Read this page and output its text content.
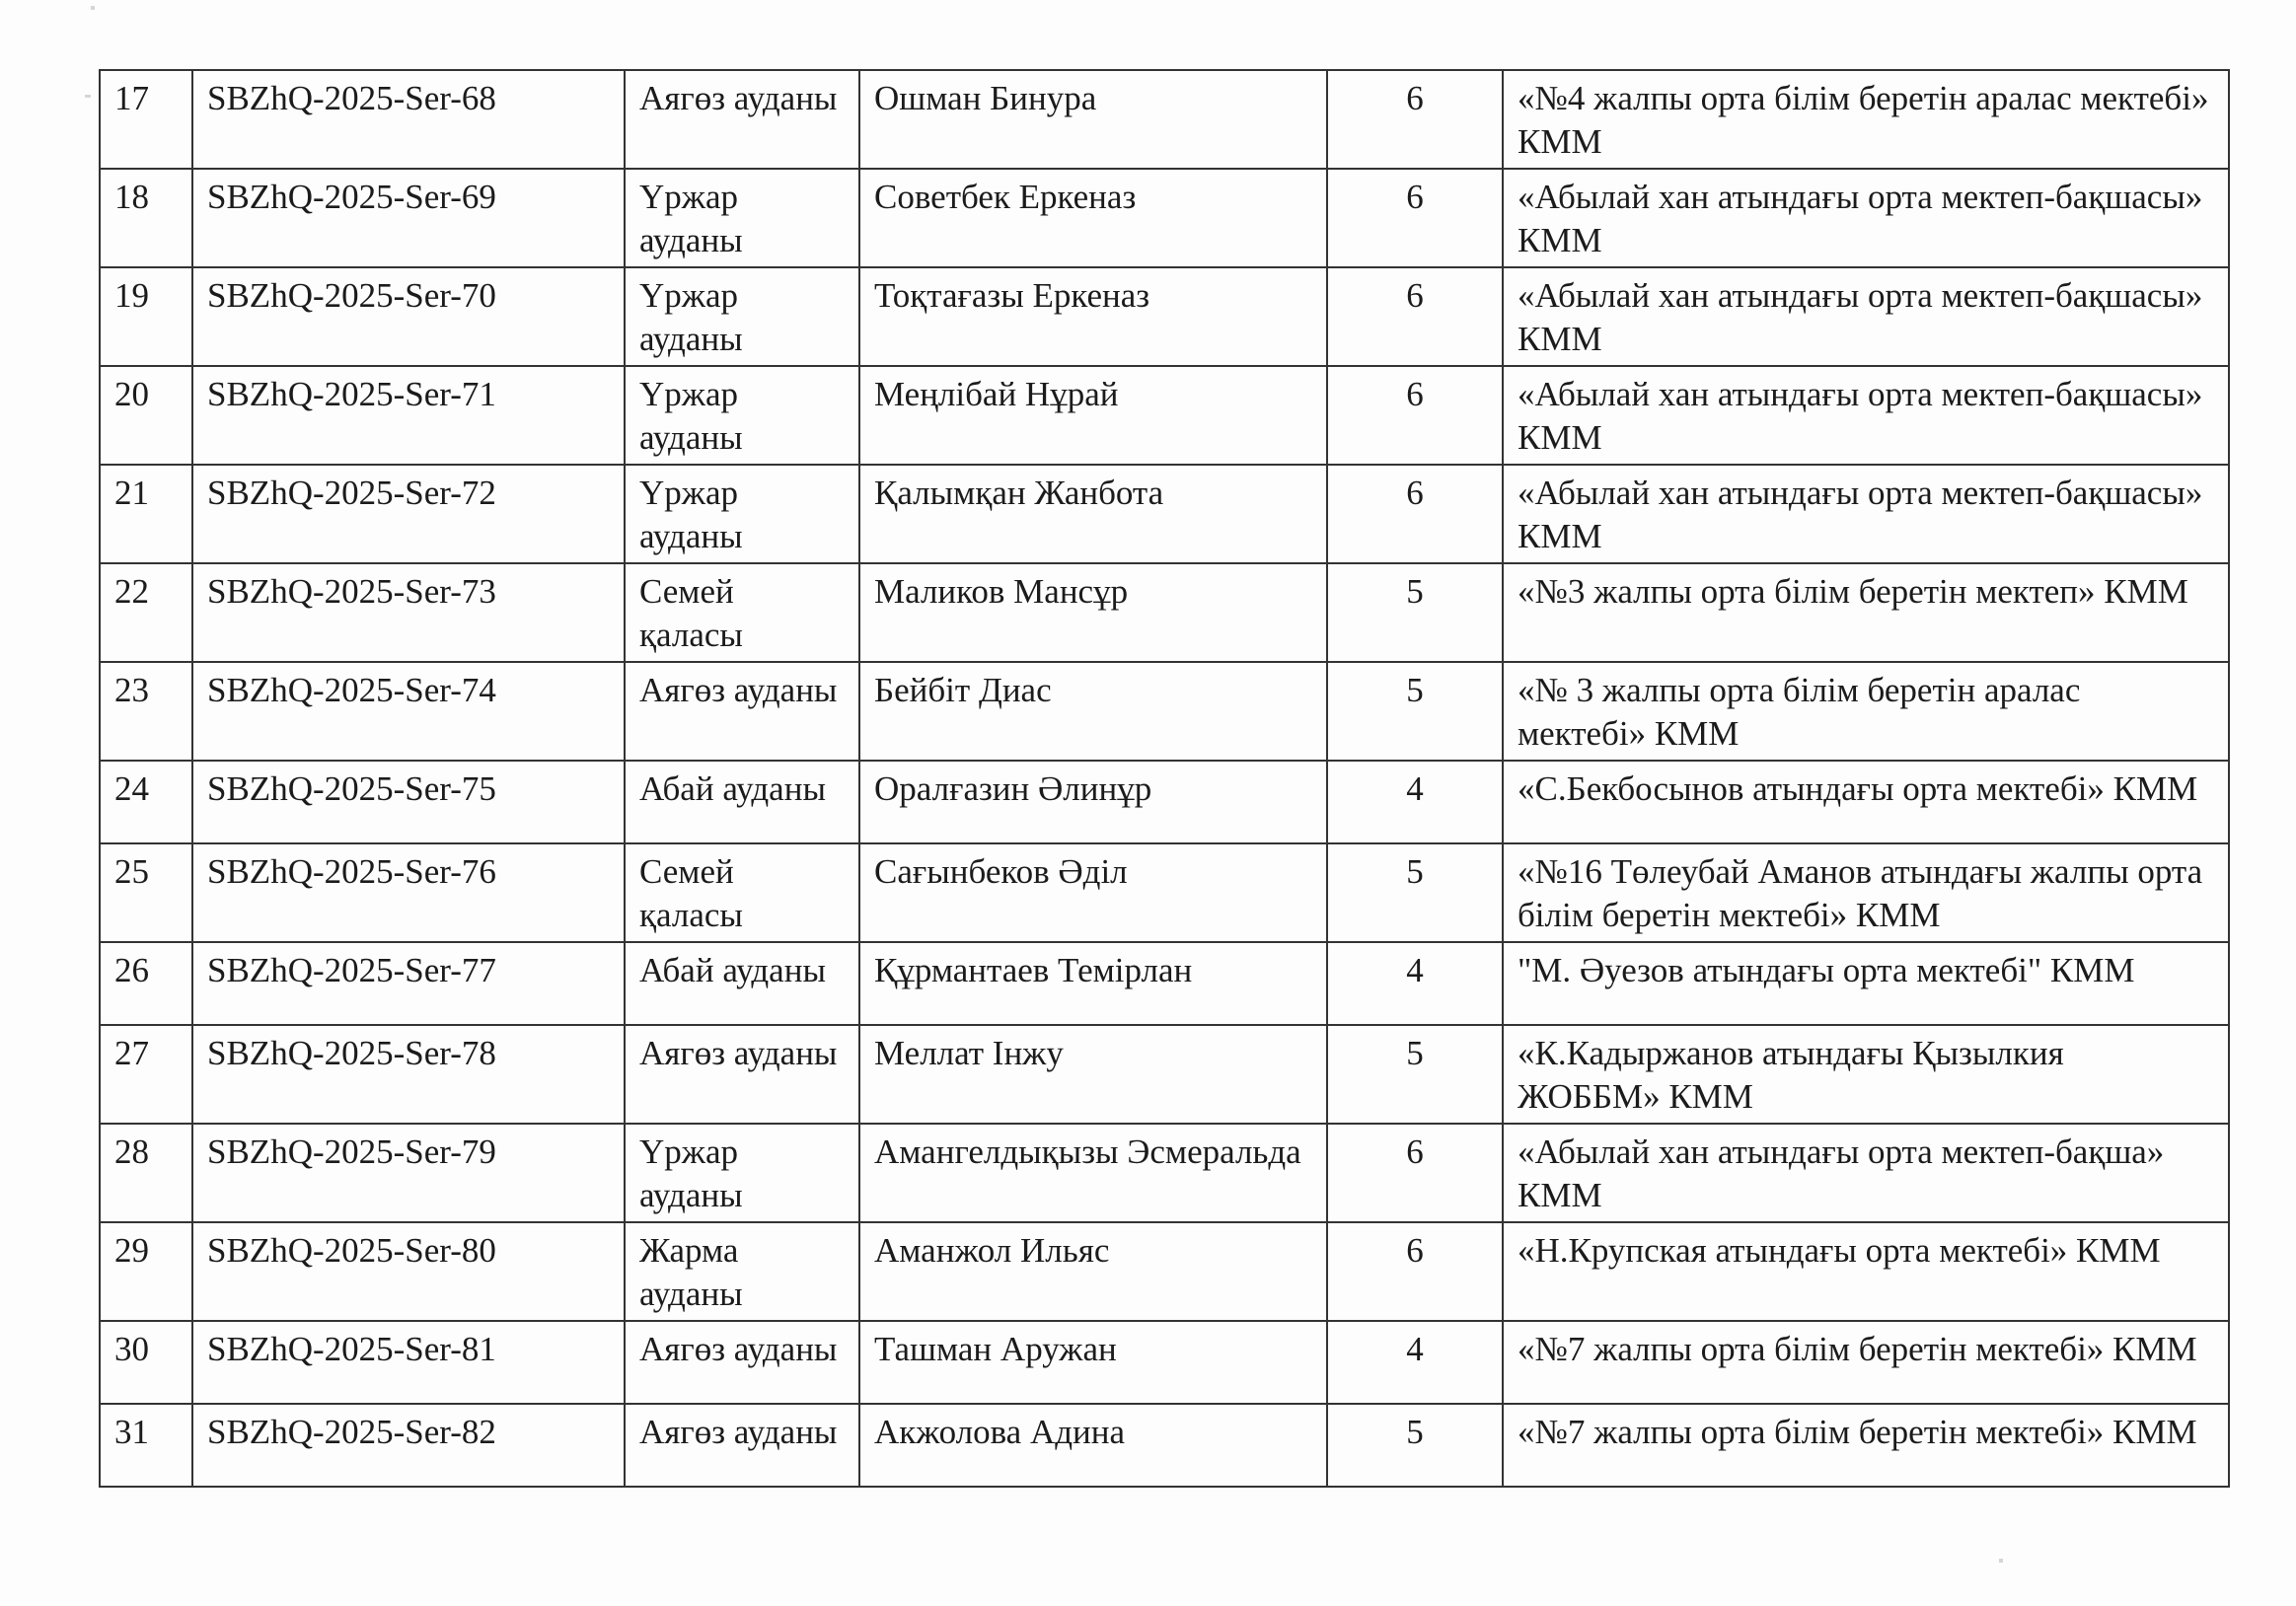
17	SBZhQ-2025-Ser-68	Аягөз ауданы	Ошман Бинура	6	«№4 жалпы орта білім беретін аралас мектебі» КММ
18	SBZhQ-2025-Ser-69	Үржар ауданы	Советбек Еркеназ	6	«Абылай хан атындағы орта мектеп-бақшасы» КММ
19	SBZhQ-2025-Ser-70	Үржар ауданы	Тоқтағазы Еркеназ	6	«Абылай хан атындағы орта мектеп-бақшасы» КММ
20	SBZhQ-2025-Ser-71	Үржар ауданы	Меңлібай Нұрай	6	«Абылай хан атындағы орта мектеп-бақшасы» КММ
21	SBZhQ-2025-Ser-72	Үржар ауданы	Қалымқан Жанбота	6	«Абылай хан атындағы орта мектеп-бақшасы» КММ
22	SBZhQ-2025-Ser-73	Семей қаласы	Маликов Мансұр	5	«№3 жалпы орта білім беретін мектеп» КММ
23	SBZhQ-2025-Ser-74	Аягөз ауданы	Бейбіт Диас	5	«№ 3 жалпы орта білім беретін аралас мектебі» КММ
24	SBZhQ-2025-Ser-75	Абай ауданы	Оралғазин Әлинұр	4	«С.Бекбосынов атындағы орта мектебі» КММ
25	SBZhQ-2025-Ser-76	Семей қаласы	Сағынбеков Әділ	5	«№16 Төлеубай Аманов атындағы жалпы орта білім беретін мектебі» КММ
26	SBZhQ-2025-Ser-77	Абай ауданы	Құрмантаев Темірлан	4	"М. Әуезов атындағы орта мектебі" КММ
27	SBZhQ-2025-Ser-78	Аягөз ауданы	Меллат Інжу	5	«К.Кадыржанов атындағы Қызылкия ЖОББМ» КММ
28	SBZhQ-2025-Ser-79	Үржар ауданы	Амангелдықызы Эсмеральда	6	«Абылай хан атындағы орта мектеп-бақша» КММ
29	SBZhQ-2025-Ser-80	Жарма ауданы	Аманжол Ильяс	6	«Н.Крупская атындағы орта мектебі» КММ
30	SBZhQ-2025-Ser-81	Аягөз ауданы	Ташман Аружан	4	«№7 жалпы орта білім беретін мектебі» КММ
31	SBZhQ-2025-Ser-82	Аягөз ауданы	Акжолова Адина	5	«№7 жалпы орта білім беретін мектебі» КММ
